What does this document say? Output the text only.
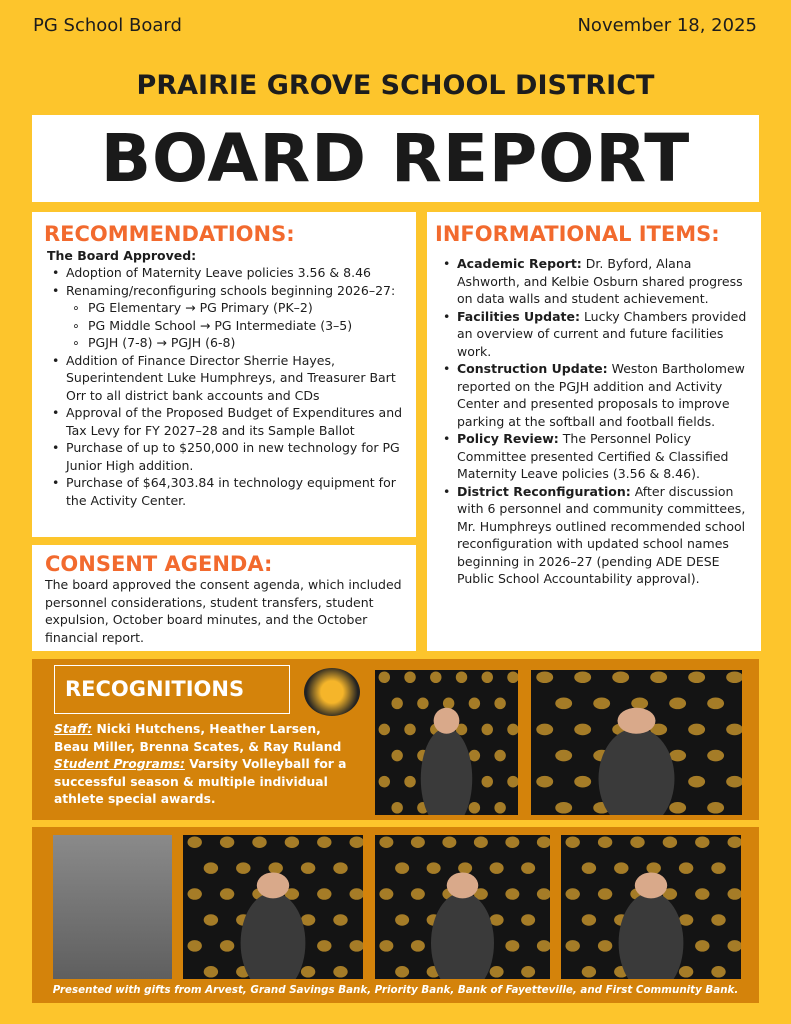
PG School Board	November 18, 2025
PRAIRIE GROVE SCHOOL DISTRICT
BOARD REPORT
RECOMMENDATIONS:
The Board Approved:
• Adoption of Maternity Leave policies 3.56 & 8.46
• Renaming/reconfiguring schools beginning 2026–27:
∘ PG Elementary → PG Primary (PK–2)
∘ PG Middle School → PG Intermediate (3–5)
∘ PGJH (7-8) → PGJH (6-8)
• Addition of Finance Director Sherrie Hayes, Superintendent Luke Humphreys, and Treasurer Bart Orr to all district bank accounts and CDs
• Approval of the Proposed Budget of Expenditures and Tax Levy for FY 2027–28 and its Sample Ballot
• Purchase of up to $250,000 in new technology for PG Junior High addition.
• Purchase of $64,303.84 in technology equipment for the Activity Center.
CONSENT AGENDA:
The board approved the consent agenda, which included personnel considerations, student transfers, student expulsion, October board minutes, and the October financial report.
INFORMATIONAL ITEMS:
• Academic Report: Dr. Byford, Alana Ashworth, and Kelbie Osburn shared progress on data walls and student achievement.
• Facilities Update: Lucky Chambers provided an overview of current and future facilities work.
• Construction Update: Weston Bartholomew reported on the PGJH addition and Activity Center and presented proposals to improve parking at the softball and football fields.
• Policy Review: The Personnel Policy Committee presented Certified & Classified Maternity Leave policies (3.56 & 8.46).
• District Reconfiguration: After discussion with 6 personnel and community committees, Mr. Humphreys outlined recommended school reconfiguration with updated school names beginning in 2026–27 (pending ADE DESE Public School Accountability approval).
RECOGNITIONS
Staff: Nicki Hutchens, Heather Larsen, Beau Miller, Brenna Scates, & Ray Ruland
Student Programs: Varsity Volleyball for a successful season & multiple individual athlete special awards.
Presented with gifts from Arvest, Grand Savings Bank, Priority Bank, Bank of Fayetteville, and First Community Bank.
